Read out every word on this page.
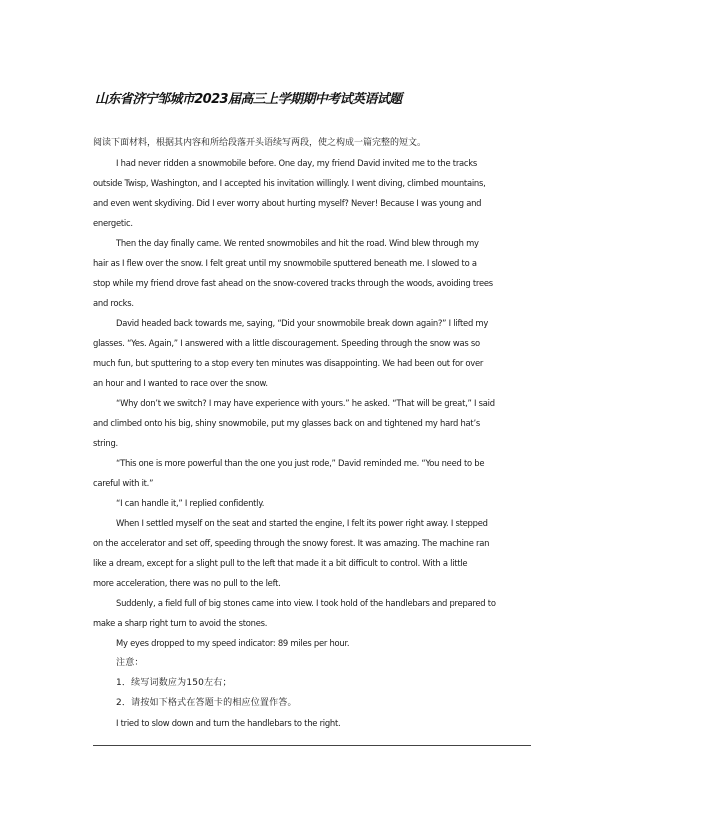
山东省济宁邹城市2023届高三上学期期中考试英语试题
阅读下面材料，根据其内容和所给段落开头语续写两段，使之构成一篇完整的短文。
I had never ridden a snowmobile before. One day, my friend David invited me to the tracks
outside Twisp, Washington, and I accepted his invitation willingly. I went diving, climbed mountains,
and even went skydiving. Did I ever worry about hurting myself? Never! Because I was young and
energetic.
Then the day finally came. We rented snowmobiles and hit the road. Wind blew through my
hair as I flew over the snow. I felt great until my snowmobile sputtered beneath me. I slowed to a
stop while my friend drove fast ahead on the snow-covered tracks through the woods, avoiding trees
and rocks.
David headed back towards me, saying, “Did your snowmobile break down again?” I lifted my
glasses. “Yes. Again,” I answered with a little discouragement. Speeding through the snow was so
much fun, but sputtering to a stop every ten minutes was disappointing. We had been out for over
an hour and I wanted to race over the snow.
“Why don’t we switch? I may have experience with yours.” he asked. “That will be great,” I said
and climbed onto his big, shiny snowmobile, put my glasses back on and tightened my hard hat’s
string.
“This one is more powerful than the one you just rode,” David reminded me. “You need to be
careful with it.”
“I can handle it,” I replied confidently.
When I settled myself on the seat and started the engine, I felt its power right away. I stepped
on the accelerator and set off, speeding through the snowy forest. It was amazing. The machine ran
like a dream, except for a slight pull to the left that made it a bit difficult to control. With a little
more acceleration, there was no pull to the left.
Suddenly, a field full of big stones came into view. I took hold of the handlebars and prepared to
make a sharp right turn to avoid the stones.
My eyes dropped to my speed indicator: 89 miles per hour.
注意：
1．续写词数应为150左右；
2．请按如下格式在答题卡的相应位置作答。
I tried to slow down and turn the handlebars to the right.
